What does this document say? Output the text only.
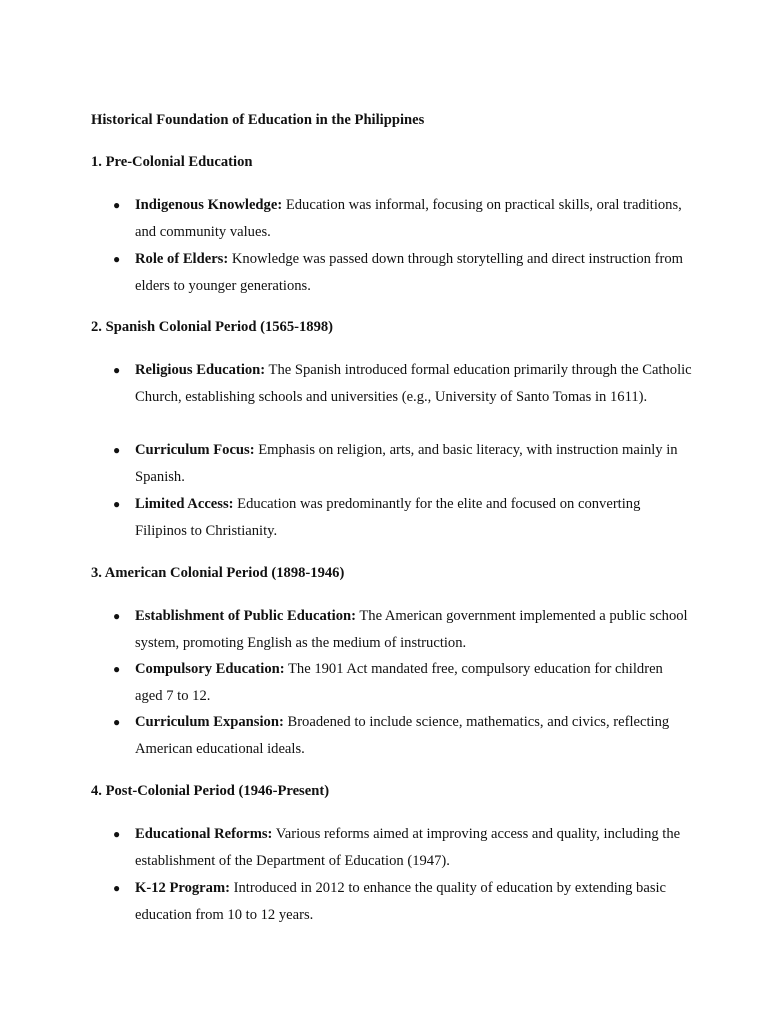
Historical Foundation of Education in the Philippines
1. Pre-Colonial Education
●	Indigenous Knowledge: Education was informal, focusing on practical skills, oral traditions, and community values.
●	Role of Elders: Knowledge was passed down through storytelling and direct instruction from elders to younger generations.
2. Spanish Colonial Period (1565-1898)
●	Religious Education: The Spanish introduced formal education primarily through the Catholic Church, establishing schools and universities (e.g., University of Santo Tomas in 1611).
●	Curriculum Focus: Emphasis on religion, arts, and basic literacy, with instruction mainly in Spanish.
●	Limited Access: Education was predominantly for the elite and focused on converting Filipinos to Christianity.
3. American Colonial Period (1898-1946)
●	Establishment of Public Education: The American government implemented a public school system, promoting English as the medium of instruction.
●	Compulsory Education: The 1901 Act mandated free, compulsory education for children aged 7 to 12.
●	Curriculum Expansion: Broadened to include science, mathematics, and civics, reflecting American educational ideals.
4. Post-Colonial Period (1946-Present)
●	Educational Reforms: Various reforms aimed at improving access and quality, including the establishment of the Department of Education (1947).
●	K-12 Program: Introduced in 2012 to enhance the quality of education by extending basic education from 10 to 12 years.
